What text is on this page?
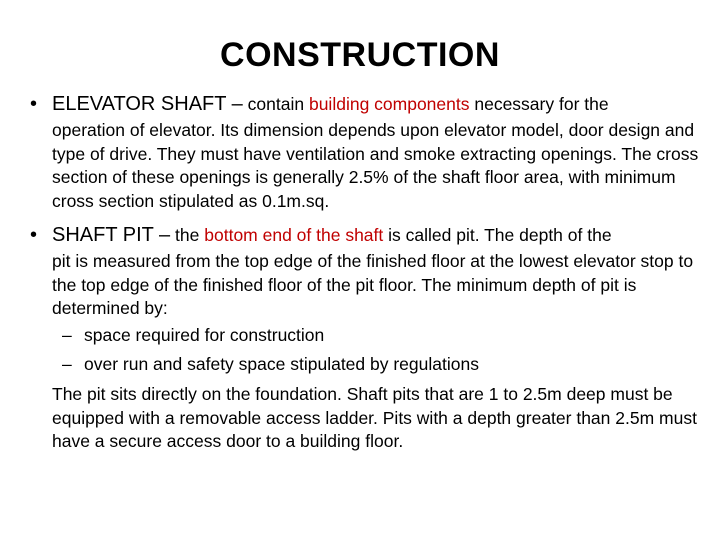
CONSTRUCTION
• ELEVATOR SHAFT – contain building components necessary for the
operation of elevator. Its dimension depends upon elevator model, door design and type of drive. They must have ventilation and smoke extracting openings. The cross section of these openings is generally 2.5% of the shaft floor area, with minimum cross section stipulated as 0.1m.sq.
• SHAFT PIT – the bottom end of the shaft is called pit. The depth of the
pit is measured from the top edge of the finished floor at the lowest elevator stop to the top edge of the finished floor of the pit floor. The minimum depth of pit is determined by:
– space required for construction
– over run and safety space stipulated by regulations
The pit sits directly on the foundation. Shaft pits that are 1 to 2.5m deep must be equipped with a removable access ladder. Pits with a depth greater than 2.5m must have a secure access door to a building floor.
